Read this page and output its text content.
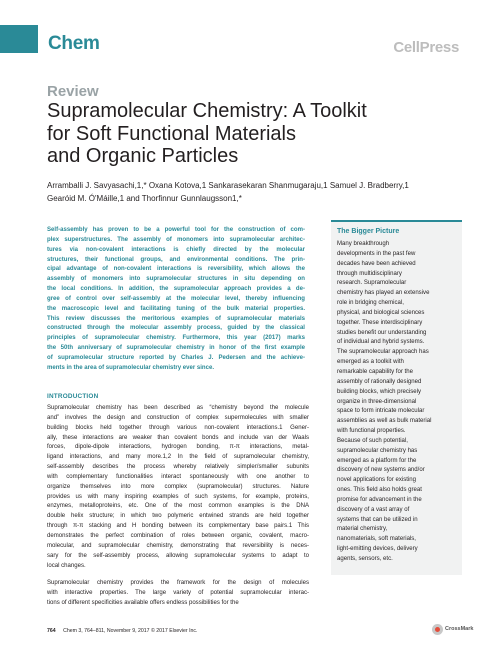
Chem	CellPress
Review
Supramolecular Chemistry: A Toolkit
for Soft Functional Materials
and Organic Particles
Arramballi J. Savyasachi,1,* Oxana Kotova,1 Sankarasekaran Shanmugaraju,1 Samuel J. Bradberry,1
Gearóid M. Ó'Máille,1 and Thorfinnur Gunnlaugsson1,*
Self-assembly has proven to be a powerful tool for the construction of com-
plex superstructures. The assembly of monomers into supramolecular architec-
tures via non-covalent interactions is chiefly directed by the molecular
structures, their functional groups, and environmental conditions. The prin-
cipal advantage of non-covalent interactions is reversibility, which allows the
assembly of monomers into supramolecular structures in situ depending on
the local conditions. In addition, the supramolecular approach provides a de-
gree of control over self-assembly at the molecular level, thereby influencing
the macroscopic level and facilitating tuning of the bulk material properties.
This review discusses the meritorious examples of supramolecular materials
constructed through the molecular assembly process, guided by the classical
principles of supramolecular chemistry. Furthermore, this year (2017) marks
the 50th anniversary of supramolecular chemistry in honor of the first example
of supramolecular structure reported by Charles J. Pedersen and the achieve-
ments in the area of supramolecular chemistry ever since.
INTRODUCTION
Supramolecular chemistry has been described as “chemistry beyond the molecule
and” involves the design and construction of complex supermolecules with smaller
building blocks held together through various non-covalent interactions.1 Gener-
ally, these interactions are weaker than covalent bonds and include van der Waals
forces, dipole-dipole interactions, hydrogen bonding, π-π interactions, metal-
ligand interactions, and many more.1,2 In the field of supramolecular chemistry,
self-assembly describes the process whereby relatively simpler/smaller subunits
with complementary functionalities interact spontaneously with one another to
organize themselves into more complex (supramolecular) structures. Nature
provides us with many inspiring examples of such systems, for example, proteins,
enzymes, metalloproteins, etc. One of the most common examples is the DNA
double helix structure; in which two polymeric entwined strands are held together
through π-π stacking and H bonding between its complementary base pairs.1 This
demonstrates the perfect combination of roles between organic, covalent, macro-
molecular, and supramolecular chemistry, demonstrating that reversibility is neces-
sary for the self-assembly process, allowing supramolecular systems to adapt to
local changes.
Supramolecular chemistry provides the framework for the design of molecules
with interactive properties. The large variety of potential supramolecular interac-
tions of different specificities available offers endless possibilities for the
The Bigger Picture
Many breakthrough
developments in the past few
decades have been achieved
through multidisciplinary
research. Supramolecular
chemistry has played an extensive
role in bridging chemical,
physical, and biological sciences
together. These interdisciplinary
studies benefit our understanding
of individual and hybrid systems.
The supramolecular approach has
emerged as a toolkit with
remarkable capability for the
assembly of rationally designed
building blocks, which precisely
organize in three-dimensional
space to form intricate molecular
assemblies as well as bulk material
with functional properties.
Because of such potential,
supramolecular chemistry has
emerged as a platform for the
discovery of new systems and/or
novel applications for existing
ones. This field also holds great
promise for advancement in the
discovery of a vast array of
systems that can be utilized in
material chemistry,
nanomaterials, soft materials,
light-emitting devices, delivery
agents, sensors, etc.
764 Chem 3, 764–811, November 9, 2017 © 2017 Elsevier Inc.	CrossMark
